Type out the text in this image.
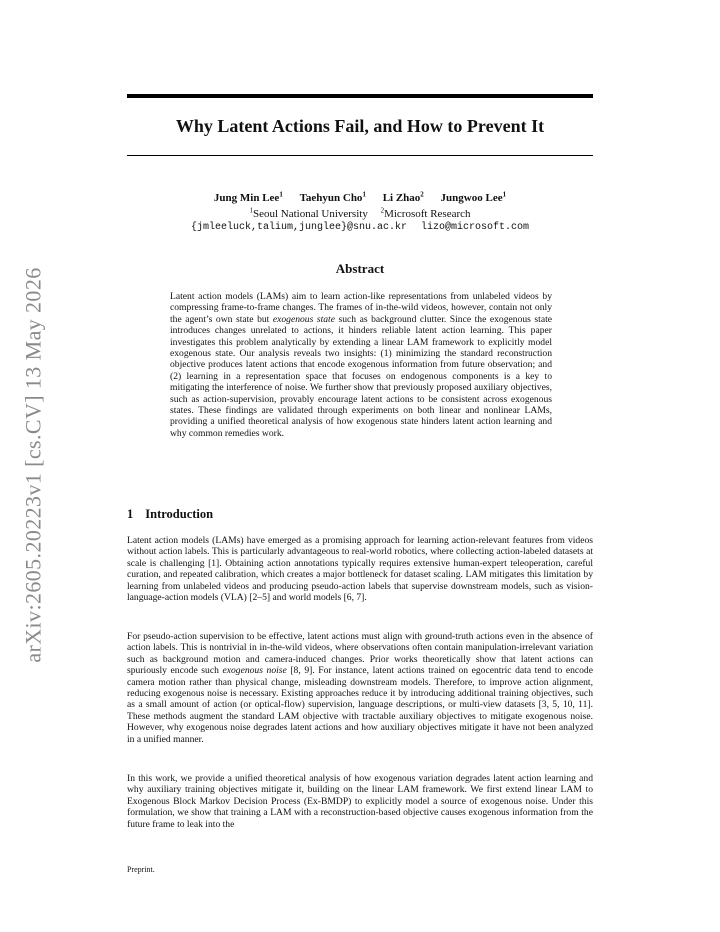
arXiv:2605.20223v1 [cs.CV] 13 May 2026
Why Latent Actions Fail, and How to Prevent It
Jung Min Lee$^1$ Taehyun Cho$^1$ Li Zhao$^2$ Jungwoo Lee$^1$
$^1$Seoul National University $^2$Microsoft Research
{jmleeluck,talium,junglee}@snu.ac.kr lizo@microsoft.com
Abstract

Latent action models (LAMs) aim to learn action-like representations from unlabeled videos by compressing frame-to-frame changes. The frames of in-the-wild videos, however, contain not only the agent’s own state but exogenous state such as background clutter. Since the exogenous state introduces changes unrelated to actions, it hinders reliable latent action learning. This paper investigates this problem analytically by extending a linear LAM framework to explicitly model exogenous state. Our analysis reveals two insights: (1) minimizing the standard reconstruction objective produces latent actions that encode exogenous information from future observation; and (2) learning in a representation space that focuses on endogenous components is a key to mitigating the interference of noise. We further show that previously proposed auxiliary objectives, such as action-supervision, provably encourage latent actions to be consistent across exogenous states. These findings are validated through experiments on both linear and nonlinear LAMs, providing a unified theoretical analysis of how exogenous state hinders latent action learning and why common remedies work.

1 Introduction

Latent action models (LAMs) have emerged as a promising approach for learning action-relevant features from videos without action labels. This is particularly advantageous to real-world robotics, where collecting action-labeled datasets at scale is challenging [1]. Obtaining action annotations typically requires extensive human-expert teleoperation, careful curation, and repeated calibration, which creates a major bottleneck for dataset scaling. LAM mitigates this limitation by learning from unlabeled videos and producing pseudo-action labels that supervise downstream models, such as vision-language-action models (VLA) [2–5] and world models [6, 7].

For pseudo-action supervision to be effective, latent actions must align with ground-truth actions even in the absence of action labels. This is nontrivial in in-the-wild videos, where observations often contain manipulation-irrelevant variation such as background motion and camera-induced changes. Prior works theoretically show that latent actions can spuriously encode such exogenous noise [8, 9]. For instance, latent actions trained on egocentric data tend to encode camera motion rather than physical change, misleading downstream models. Therefore, to improve action alignment, reducing exogenous noise is necessary. Existing approaches reduce it by introducing additional training objectives, such as a small amount of action (or optical-flow) supervision, language descriptions, or multi-view datasets [3, 5, 10, 11]. These methods augment the standard LAM objective with tractable auxiliary objectives to mitigate exogenous noise. However, why exogenous noise degrades latent actions and how auxiliary objectives mitigate it have not been analyzed in a unified manner.

In this work, we provide a unified theoretical analysis of how exogenous variation degrades latent action learning and why auxiliary training objectives mitigate it, building on the linear LAM framework. We first extend linear LAM to Exogenous Block Markov Decision Process (Ex-BMDP) to explicitly model a source of exogenous noise. Under this formulation, we show that training a LAM with a reconstruction-based objective causes exogenous information from the future frame to leak into the

Preprint.
